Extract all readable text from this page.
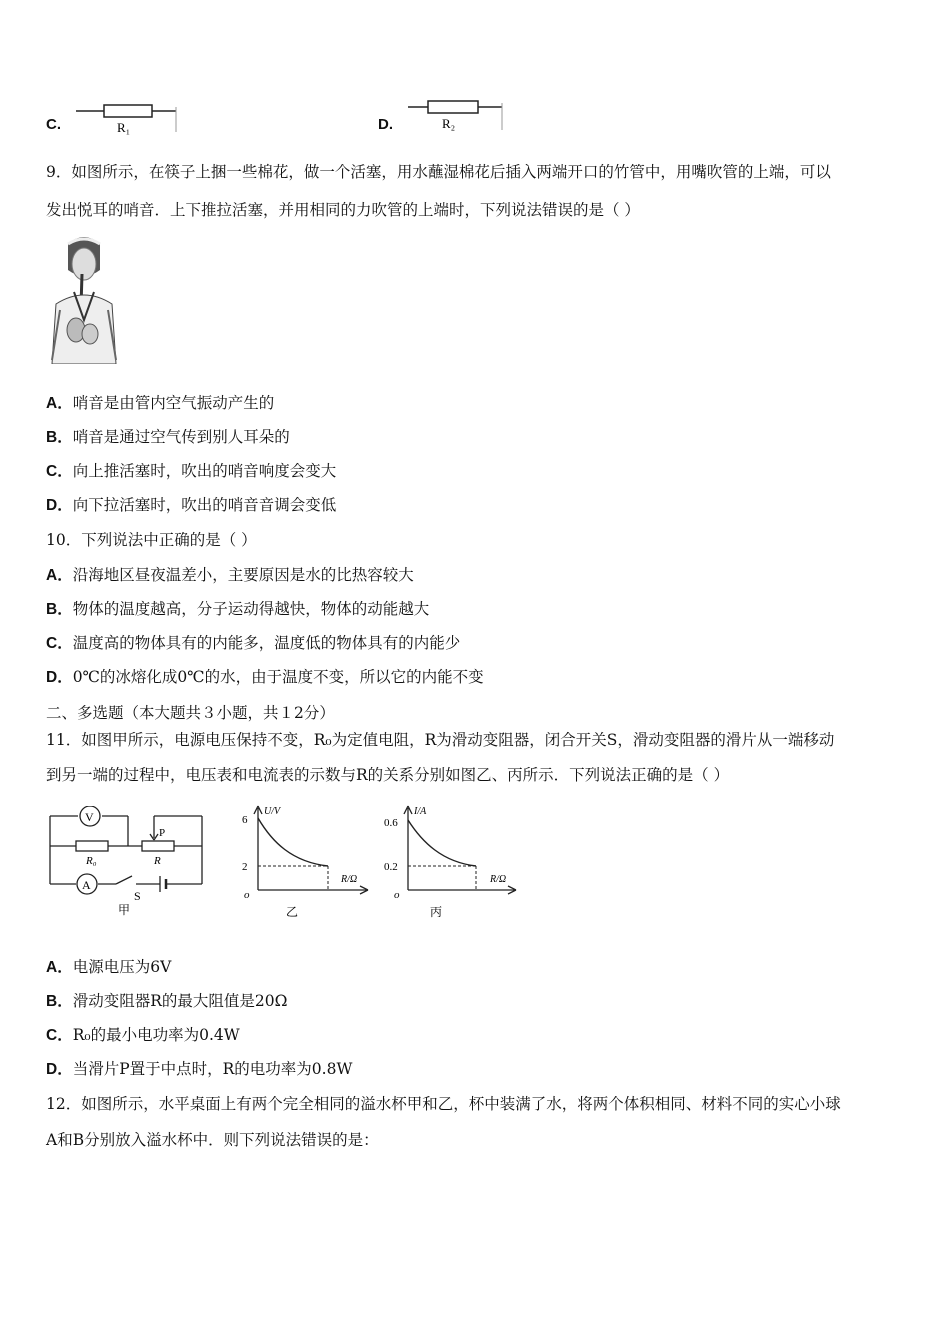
C.	R₁	D.	R₂
9．如图所示，在筷子上捆一些棉花，做一个活塞，用水蘸湿棉花后插入两端开口的竹管中，用嘴吹管的上端，可以
发出悦耳的哨音．上下推拉活塞，并用相同的力吹管的上端时，下列说法错误的是（ ）
A．哨音是由管内空气振动产生的
B．哨音是通过空气传到别人耳朵的
C．向上推活塞时，吹出的哨音响度会变大
D．向下拉活塞时，吹出的哨音音调会变低
10．下列说法中正确的是（ ）
A．沿海地区昼夜温差小，主要原因是水的比热容较大
B．物体的温度越高，分子运动得越快，物体的动能越大
C．温度高的物体具有的内能多，温度低的物体具有的内能少
D．0℃的冰熔化成0℃的水，由于温度不变，所以它的内能不变
二、多选题（本大题共３小题，共１2分）
11．如图甲所示，电源电压保持不变，R₀为定值电阻，R为滑动变阻器，闭合开关S，滑动变阻器的滑片从一端移动
到另一端的过程中，电压表和电流表的示数与R的关系分别如图乙、丙所示．下列说法正确的是（ ）
V
A
P
R₀	R
S
甲
U/V
6
2
o
R/Ω
乙
I/A
0.6
0.2
o
R/Ω
丙
A．电源电压为6V
B．滑动变阻器R的最大阻值是20Ω
C．R₀的最小电功率为0.4W
D．当滑片P置于中点时，R的电功率为0.8W
12．如图所示，水平桌面上有两个完全相同的溢水杯甲和乙，杯中装满了水，将两个体积相同、材料不同的实心小球
A和B分别放入溢水杯中．则下列说法错误的是：
